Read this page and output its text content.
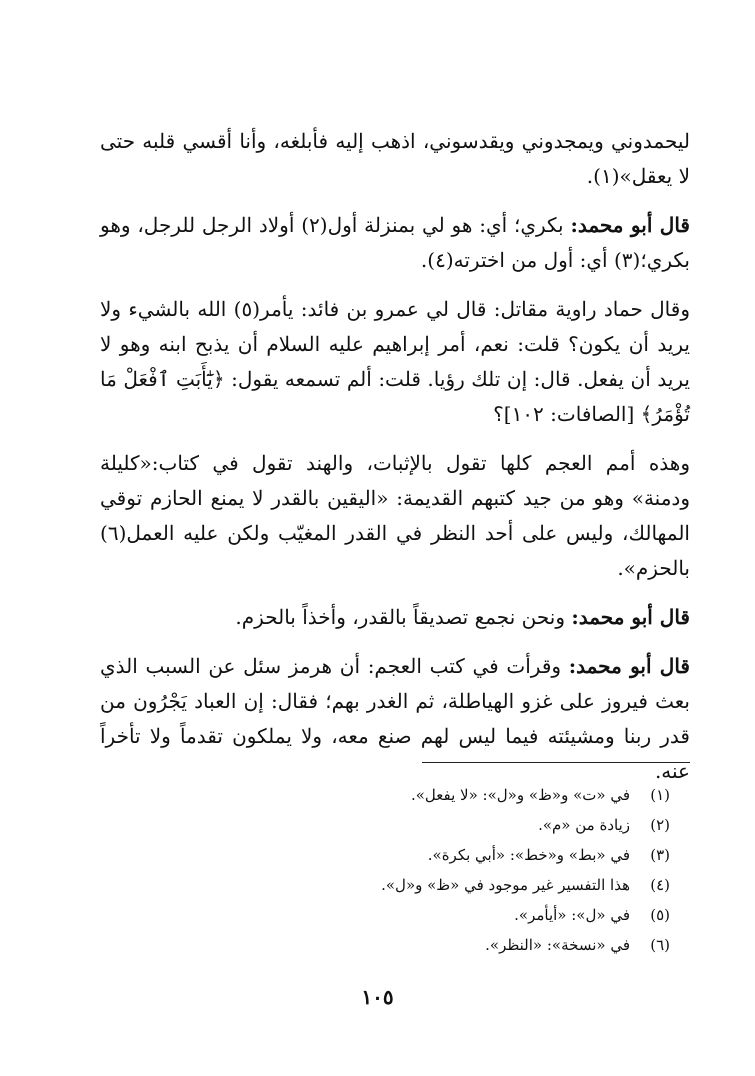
ليحمدوني ويمجدوني ويقدسوني، اذهب إليه فأبلغه، وأنا أقسي قلبه حتى لا يعقل»(١).

قال أبو محمد: بكري؛ أي: هو لي بمنزلة أول(٢) أولاد الرجل للرجل، وهو بكري؛(٣) أي: أول من اخترته(٤).

وقال حماد راوية مقاتل: قال لي عمرو بن فائد: يأمر(٥) الله بالشيء ولا يريد أن يكون؟ قلت: نعم، أمر إبراهيم عليه السلام أن يذبح ابنه وهو لا يريد أن يفعل. قال: إن تلك رؤيا. قلت: ألم تسمعه يقول: ﴿يَٰٓأَبَتِ ٱفْعَلْ مَا تُؤْمَرُ﴾ [الصافات: ١٠٢]؟

وهذه أمم العجم كلها تقول بالإثبات، والهند تقول في كتاب:«كليلة ودمنة» وهو من جيد كتبهم القديمة: «اليقين بالقدر لا يمنع الحازم توقي المهالك، وليس على أحد النظر في القدر المغيّب ولكن عليه العمل(٦) بالحزم».

قال أبو محمد: ونحن نجمع تصديقاً بالقدر، وأخذاً بالحزم.

قال أبو محمد: وقرأت في كتب العجم: أن هرمز سئل عن السبب الذي بعث فيروز على غزو الهياطلة، ثم الغدر بهم؛ فقال: إن العباد يَجْرُون من قدر ربنا ومشيئته فيما ليس لهم صنع معه، ولا يملكون تقدماً ولا تأخراً عنه.

(١)
في «ت» و«ظ» و«ل»: «لا يفعل».
(٢)
زيادة من «م».
(٣)
في «بط» و«خط»: «أبي بكرة».
(٤)
هذا التفسير غير موجود في «ظ» و«ل».
(٥)
في «ل»: «أيأمر».
(٦)
في «نسخة»: «النظر».
١٠٥
